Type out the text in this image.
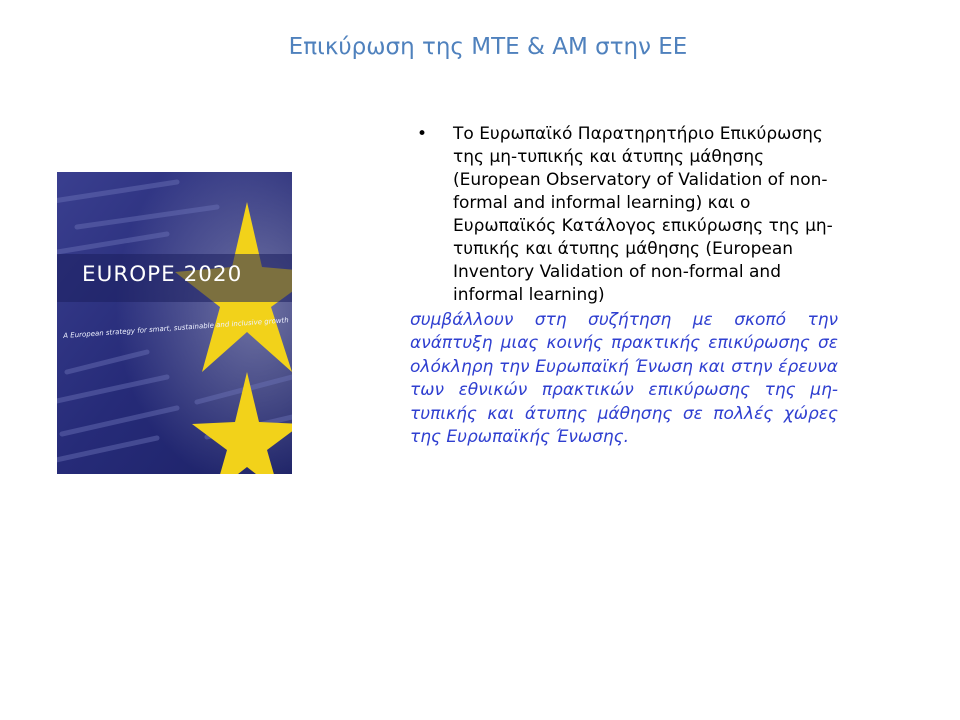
Επικύρωση της ΜΤΕ & ΑΜ στην ΕΕ
EUROPE 2020
A European strategy for smart, sustainable and inclusive growth
• Το Ευρωπαϊκό Παρατηρητήριο Επικύρωσης της μη-τυπικής και άτυπης μάθησης (European Observatory of Validation of non-formal and informal learning) και ο Ευρωπαϊκός Κατάλογος επικύρωσης της μη-τυπικής και άτυπης μάθησης (European Inventory Validation of non-formal and informal learning)
συμβάλλουν στη συζήτηση με σκοπό την ανάπτυξη μιας κοινής πρακτικής επικύρωσης σε ολόκληρη την Ευρωπαϊκή Ένωση και στην έρευνα των εθνικών πρακτικών επικύρωσης της μη-τυπικής και άτυπης μάθησης σε πολλές χώρες της Ευρωπαϊκής Ένωσης.
